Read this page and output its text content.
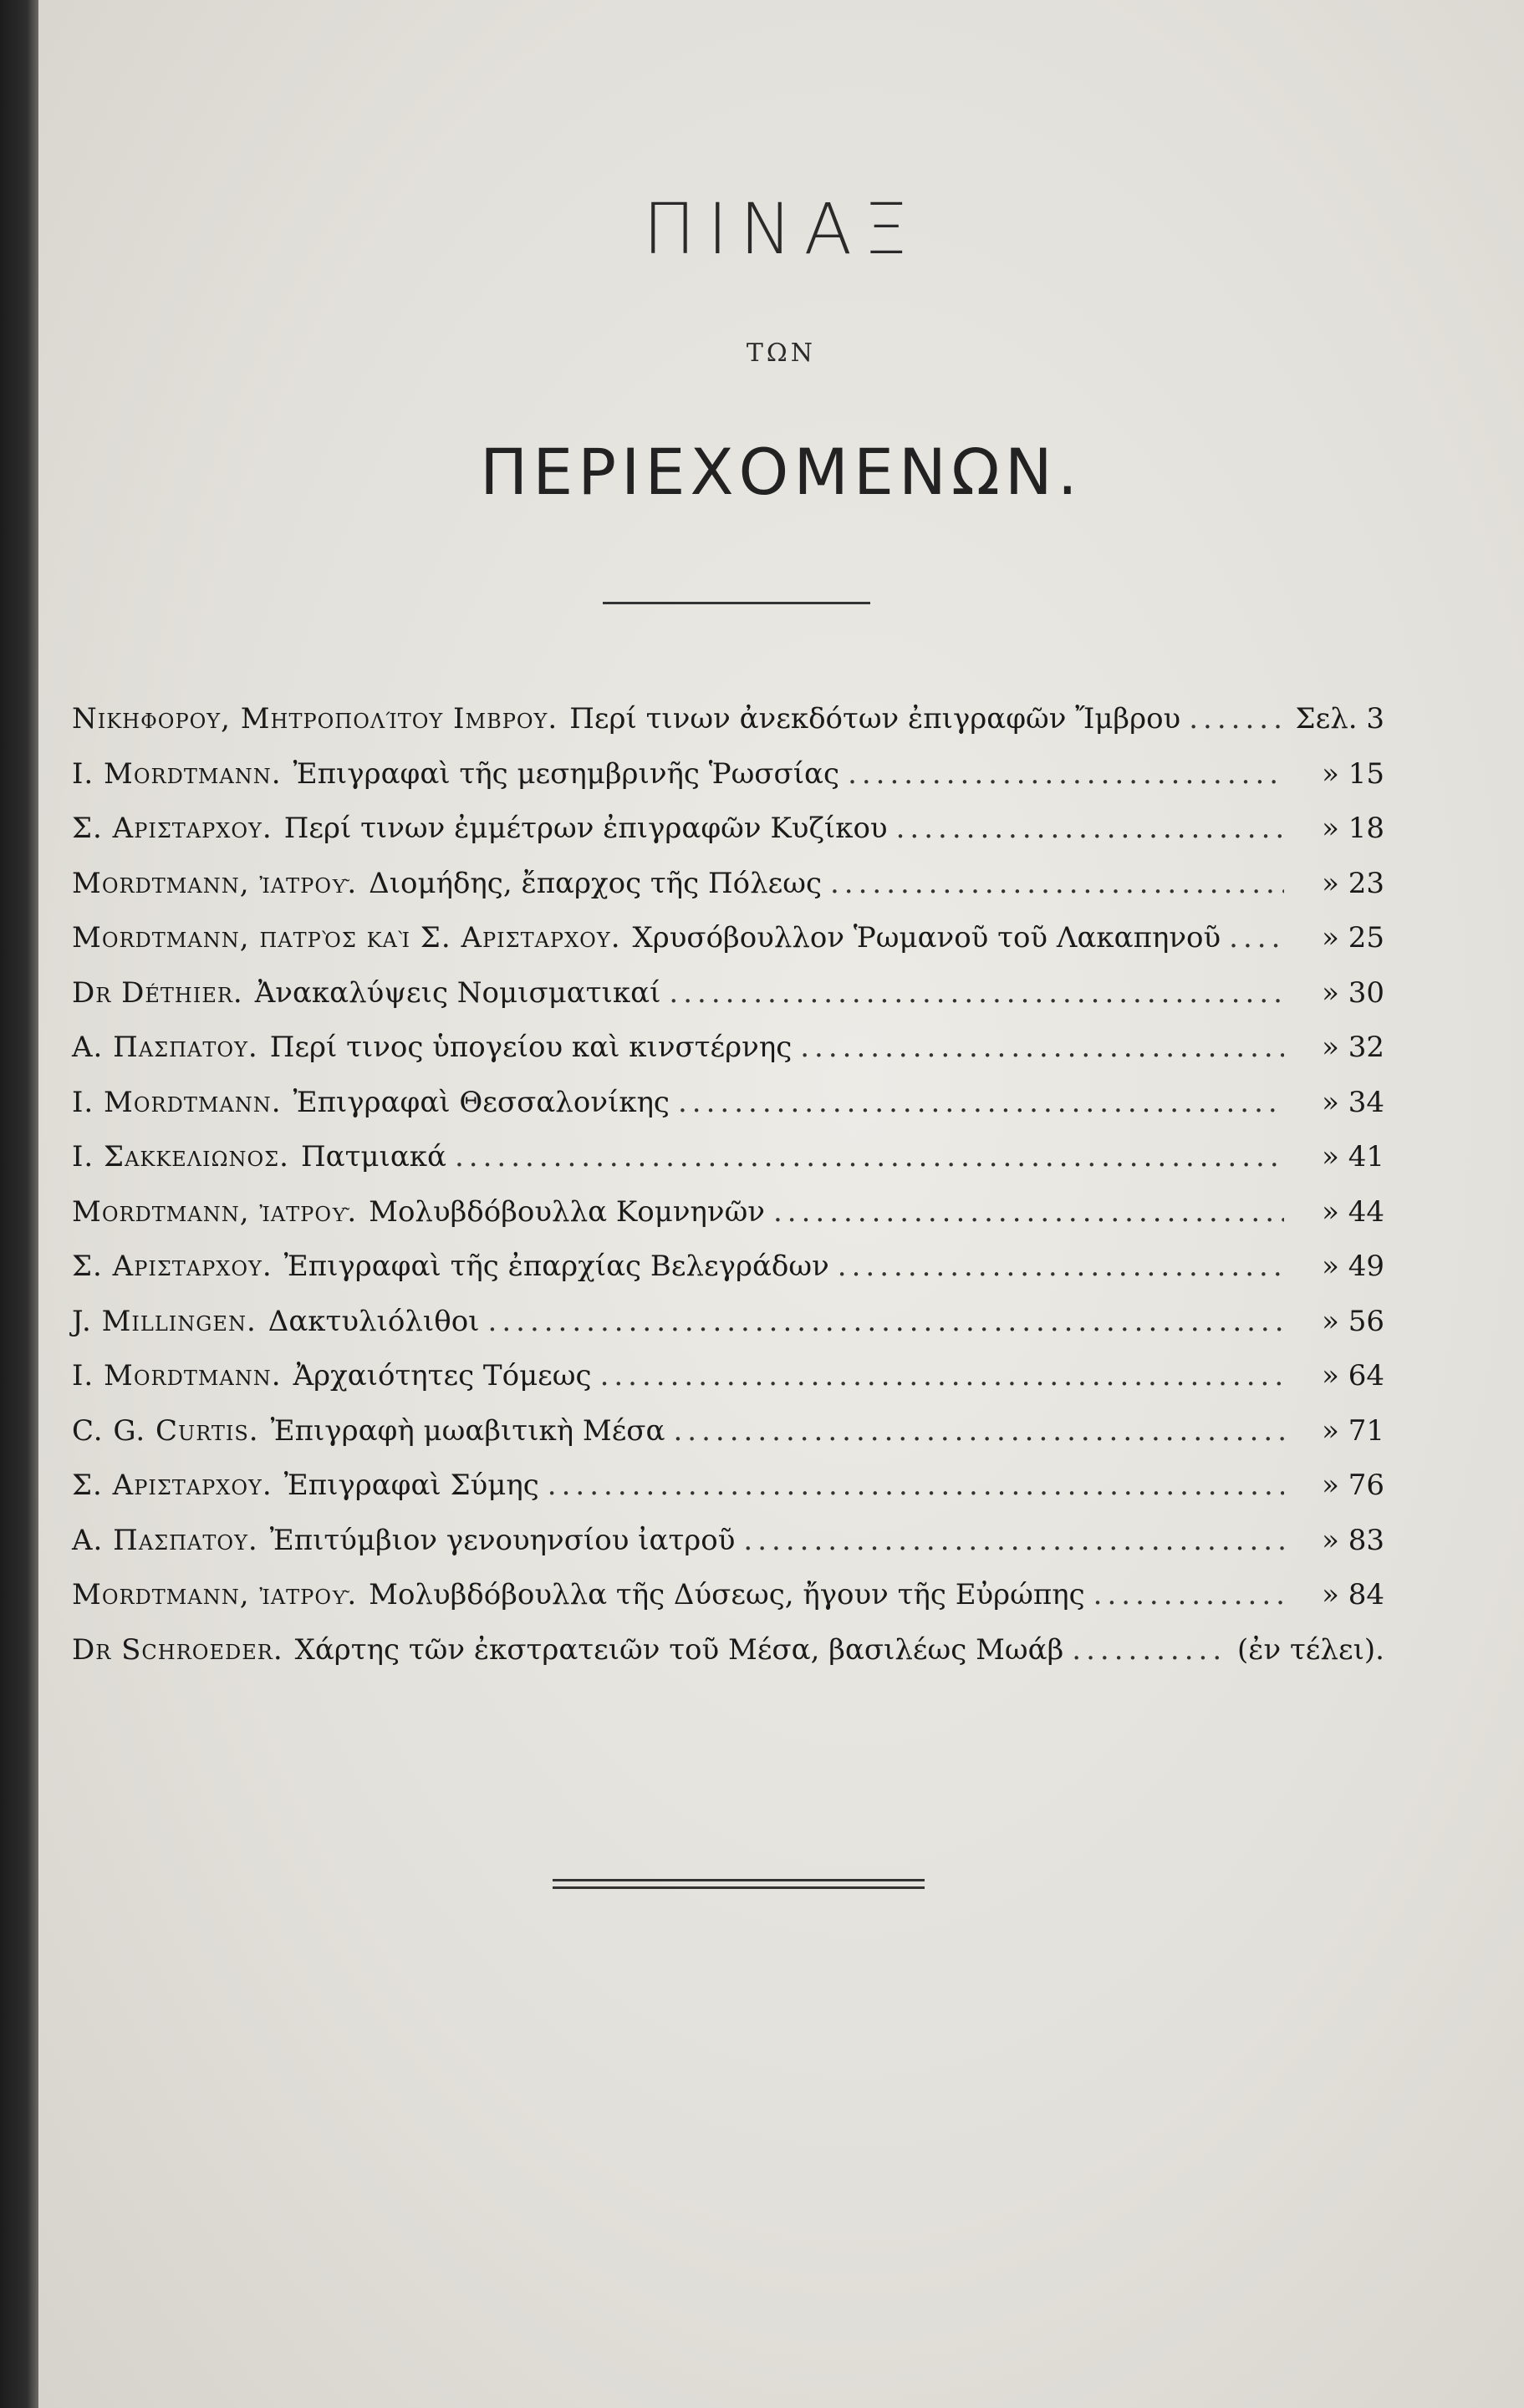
ΠΙΝΑΞ
ΤΩΝ
ΠΕΡΙΕΧΟΜΕΝΩΝ.
Νικηφορου, Μητροπολίτου Ιμβρου. Περί τινων ἀνεκδότων ἐπιγραφῶν Ἴμβρου .....	Σελ. 3
I. Mordtmann. Ἐπιγραφαὶ τῆς μεσημβρινῆς Ῥωσσίας .....	» 15
Σ. Αριςταρχου. Περί τινων ἐμμέτρων ἐπιγραφῶν Κυζίκου .....	» 18
Mordtmann, ἰατροῦ. Διομήδης, ἔπαρχος τῆς Πόλεως .....	» 23
Mordtmann, πατρὸς καὶ Σ. Αριςταρχου. Χρυσόβουλλον Ῥωμανοῦ τοῦ Λακαπηνοῦ .....	» 25
Dr Déthier. Ἀνακαλύψεις Νομισματικαί .....	» 30
Α. Πασπατου. Περί τινος ὑπογείου καὶ κινστέρνης .....	» 32
I. Mordtmann. Ἐπιγραφαὶ Θεσσαλονίκης .....	» 34
I. Σακκελιωνος. Πατμιακά .....	» 41
Mordtmann, ἰατροῦ. Μολυβδόβουλλα Κομνηνῶν .....	» 44
Σ. Αριςταρχου. Ἐπιγραφαὶ τῆς ἐπαρχίας Βελεγράδων .....	» 49
J. Millingen. Δακτυλιόλιθοι .....	» 56
I. Mordtmann. Ἀρχαιότητες Τόμεως .....	» 64
C. G. Curtis. Ἐπιγραφὴ μωαβιτικὴ Μέσα .....	» 71
Σ. Αριςταρχου. Ἐπιγραφαὶ Σύμης .....	» 76
Α. Πασπατου. Ἐπιτύμβιον γενουηνσίου ἰατροῦ .....	» 83
Mordtmann, ἰατροῦ. Μολυβδόβουλλα τῆς Δύσεως, ἤγουν τῆς Εὐρώπης .....	» 84
Dr Schroeder. Χάρτης τῶν ἐκστρατειῶν τοῦ Μέσα, βασιλέως Μωάβ .....	(ἐν τέλει).
